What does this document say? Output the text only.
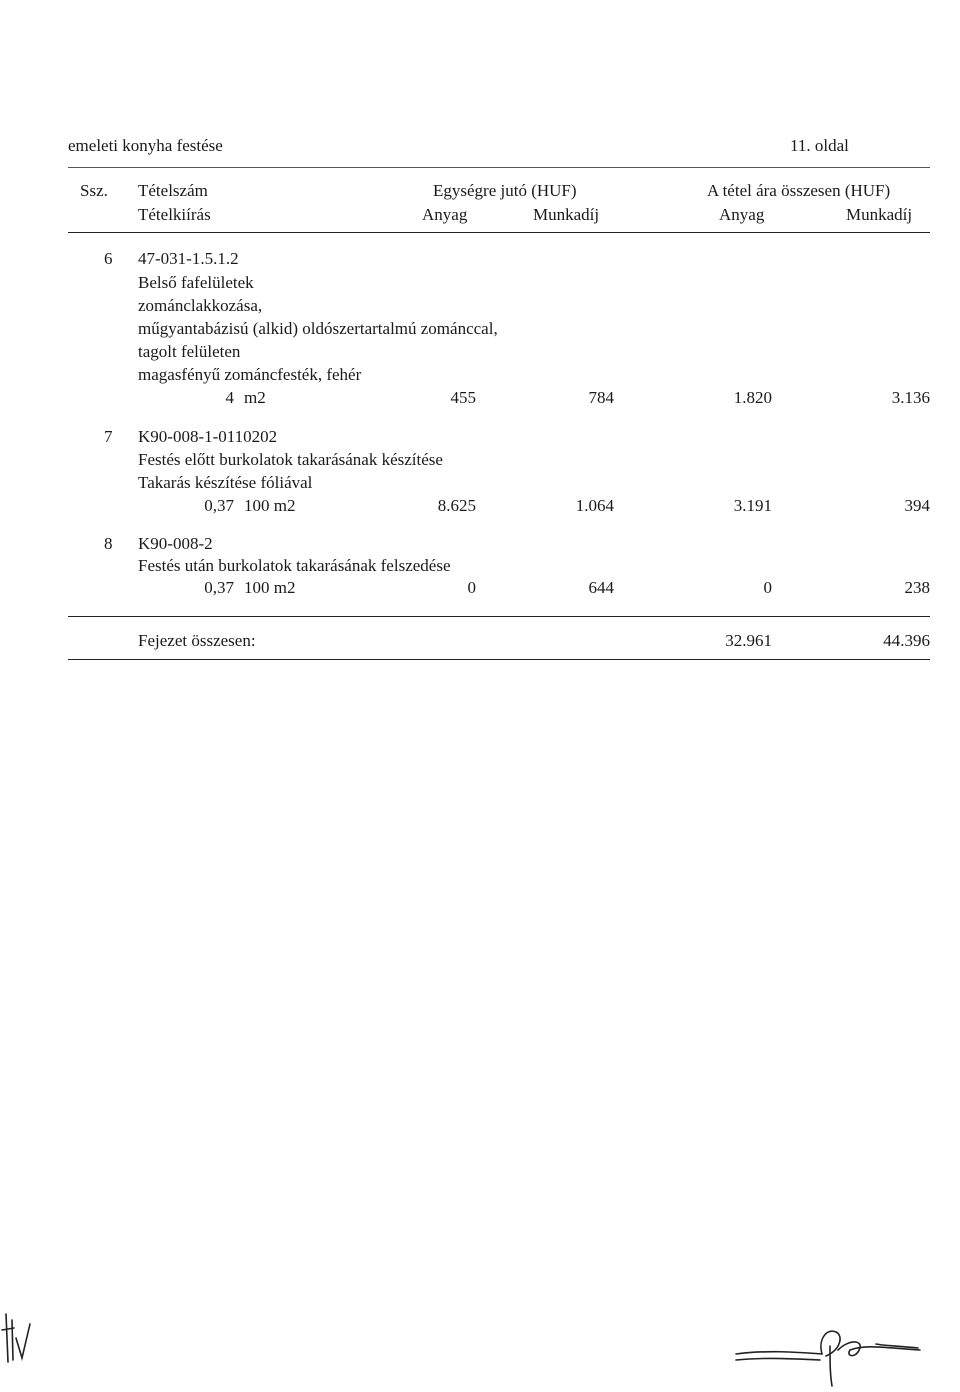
emeleti konyha festése	11. oldal
Ssz. Tételszám
Tételkiírás
Egységre jutó (HUF)	A tétel ára összesen (HUF)
Anyag	Munkadíj	Anyag	Munkadíj
6 47-031-1.5.1.2
Belső fafelületek
zománclakkozása,
műgyantabázisú (alkid) oldószertartalmú zománccal,
tagolt felületen
magasfényű zománcfesték, fehér
4 m2	455	784	1.820	3.136
7 K90-008-1-0110202
Festés előtt burkolatok takarásának készítése
Takarás készítése fóliával
0,37 100 m2	8.625	1.064	3.191	394
8 K90-008-2
Festés után burkolatok takarásának felszedése
0,37 100 m2	0	644	0	238
Fejezet összesen:	32.961	44.396
